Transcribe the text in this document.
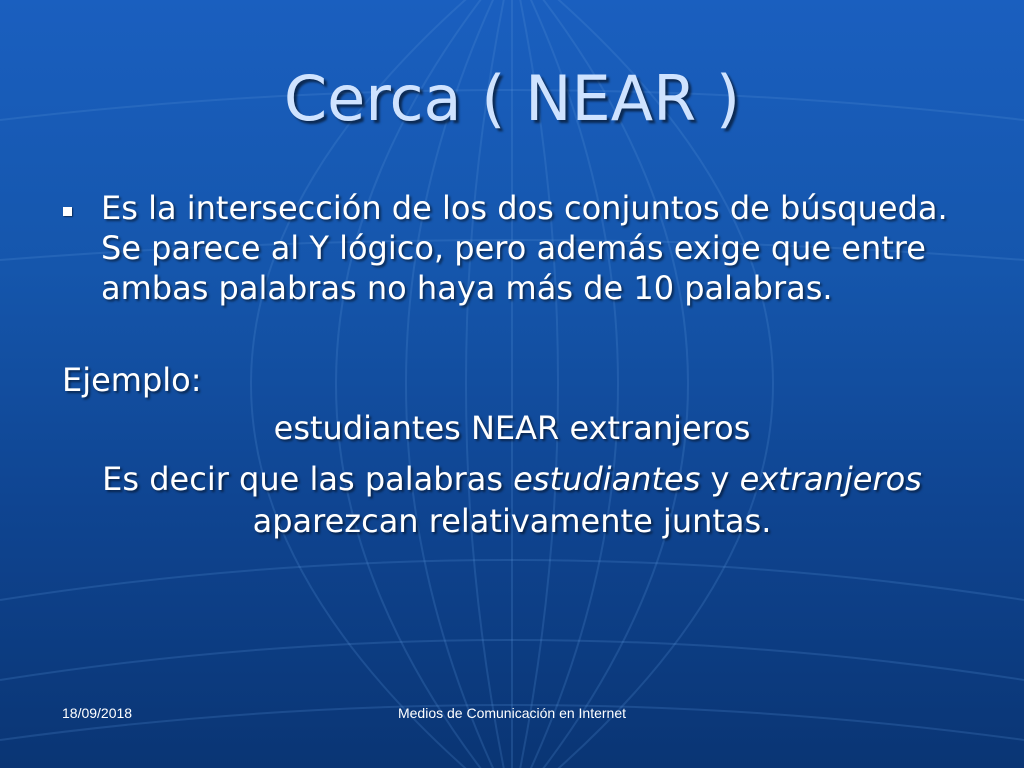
Cerca ( NEAR )
Es la intersección de los dos conjuntos de búsqueda. Se parece al Y lógico, pero además exige que entre ambas palabras no haya más de 10 palabras.
Ejemplo:
estudiantes NEAR extranjeros
Es decir que las palabras estudiantes y extranjeros
aparezcan relativamente juntas.
18/09/2018	Medios de Comunicación en Internet
